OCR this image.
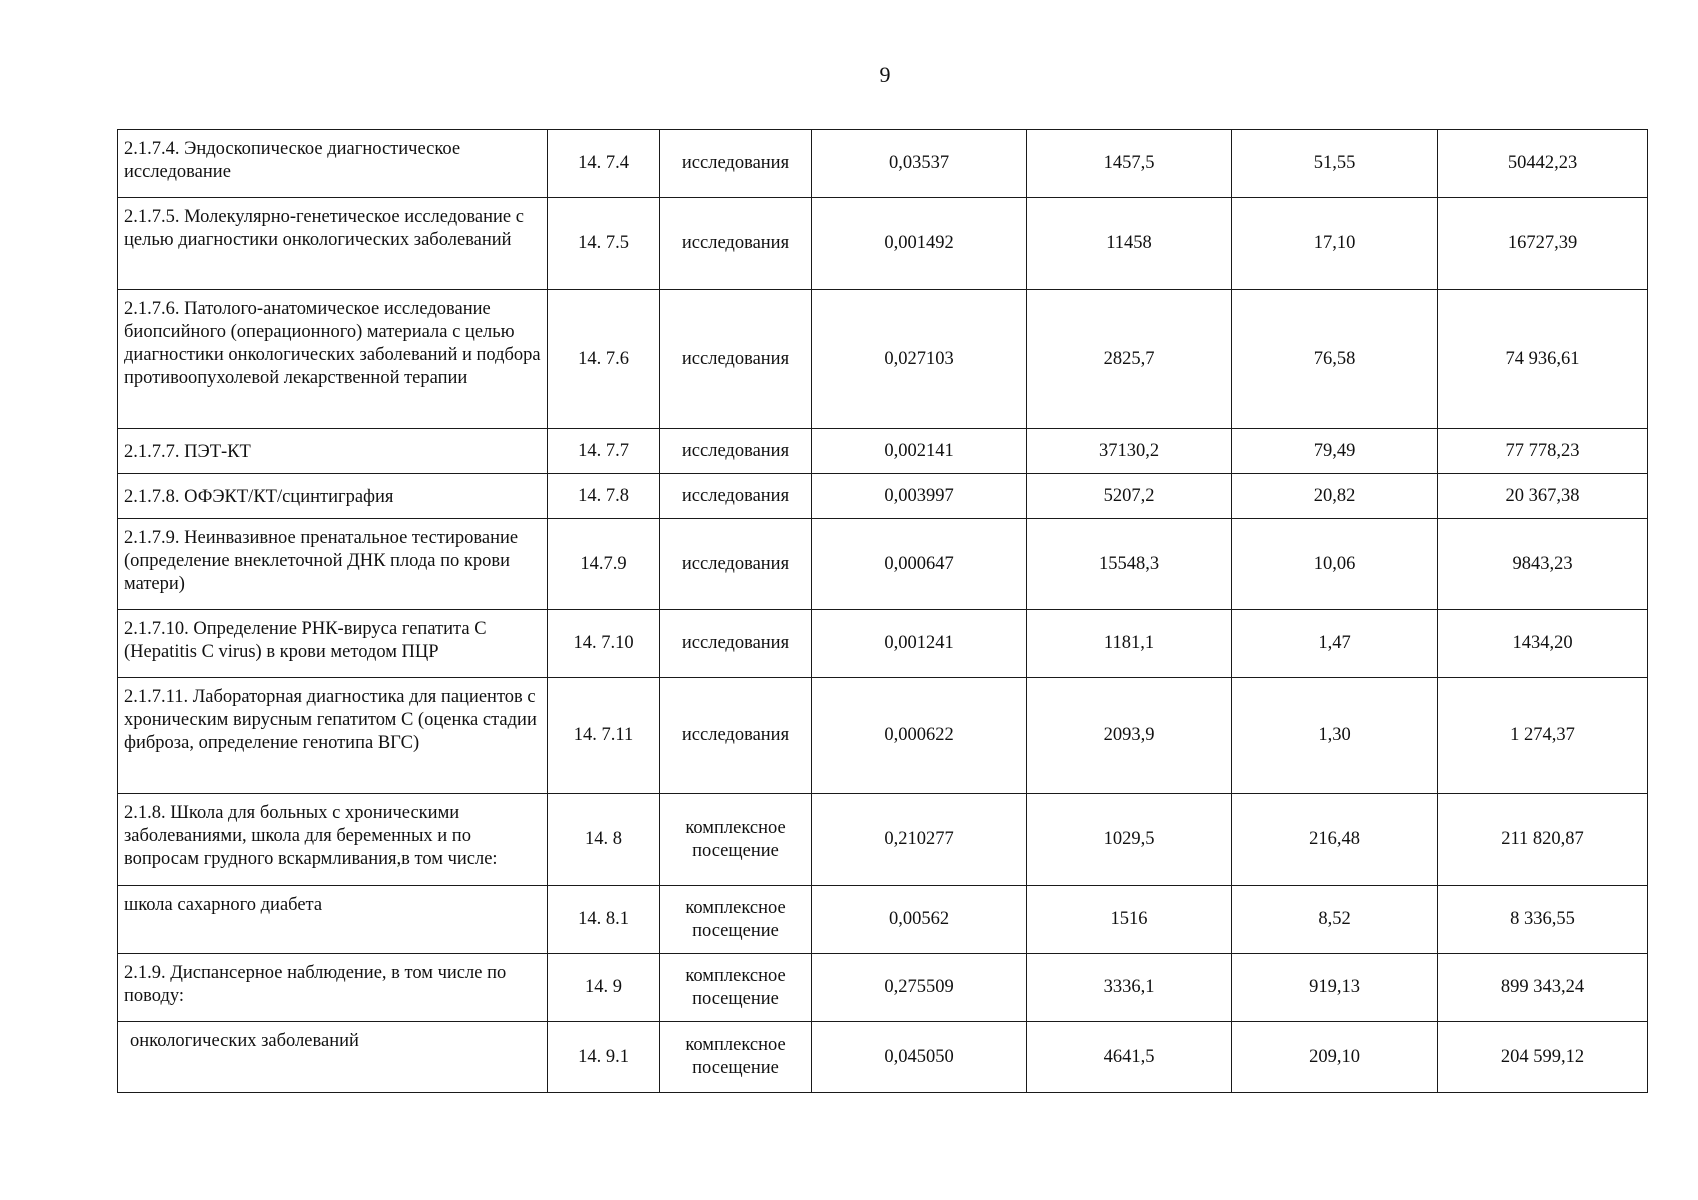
9
2.1.7.4. Эндоскопическое диагностическое исследование	14. 7.4	исследования	0,03537	1457,5	51,55	50442,23
2.1.7.5. Молекулярно-генетическое исследование с целью диагностики онкологических заболеваний	14. 7.5	исследования	0,001492	11458	17,10	16727,39
2.1.7.6. Патолого-анатомическое исследование биопсийного (операционного) материала с целью диагностики онкологических заболеваний и подбора противоопухолевой лекарственной терапии	14. 7.6	исследования	0,027103	2825,7	76,58	74 936,61
2.1.7.7. ПЭТ-КТ	14. 7.7	исследования	0,002141	37130,2	79,49	77 778,23
2.1.7.8. ОФЭКТ/КТ/сцинтиграфия	14. 7.8	исследования	0,003997	5207,2	20,82	20 367,38
2.1.7.9. Неинвазивное пренатальное тестирование (определение внеклеточной ДНК плода по крови матери)	14.7.9	исследования	0,000647	15548,3	10,06	9843,23
2.1.7.10. Определение РНК-вируса гепатита С (Hepatitis C virus) в крови методом ПЦР	14. 7.10	исследования	0,001241	1181,1	1,47	1434,20
2.1.7.11. Лабораторная диагностика для пациентов с хроническим вирусным гепатитом С (оценка стадии фиброза, определение генотипа ВГС)	14. 7.11	исследования	0,000622	2093,9	1,30	1 274,37
2.1.8. Школа для больных с хроническими заболеваниями, школа для беременных и по вопросам грудного вскармливания,в том числе:	14. 8	комплексное посещение	0,210277	1029,5	216,48	211 820,87
школа сахарного диабета	14. 8.1	комплексное посещение	0,00562	1516	8,52	8 336,55
2.1.9. Диспансерное наблюдение, в том числе по поводу:	14. 9	комплексное посещение	0,275509	3336,1	919,13	899 343,24
онкологических заболеваний	14. 9.1	комплексное посещение	0,045050	4641,5	209,10	204 599,12
